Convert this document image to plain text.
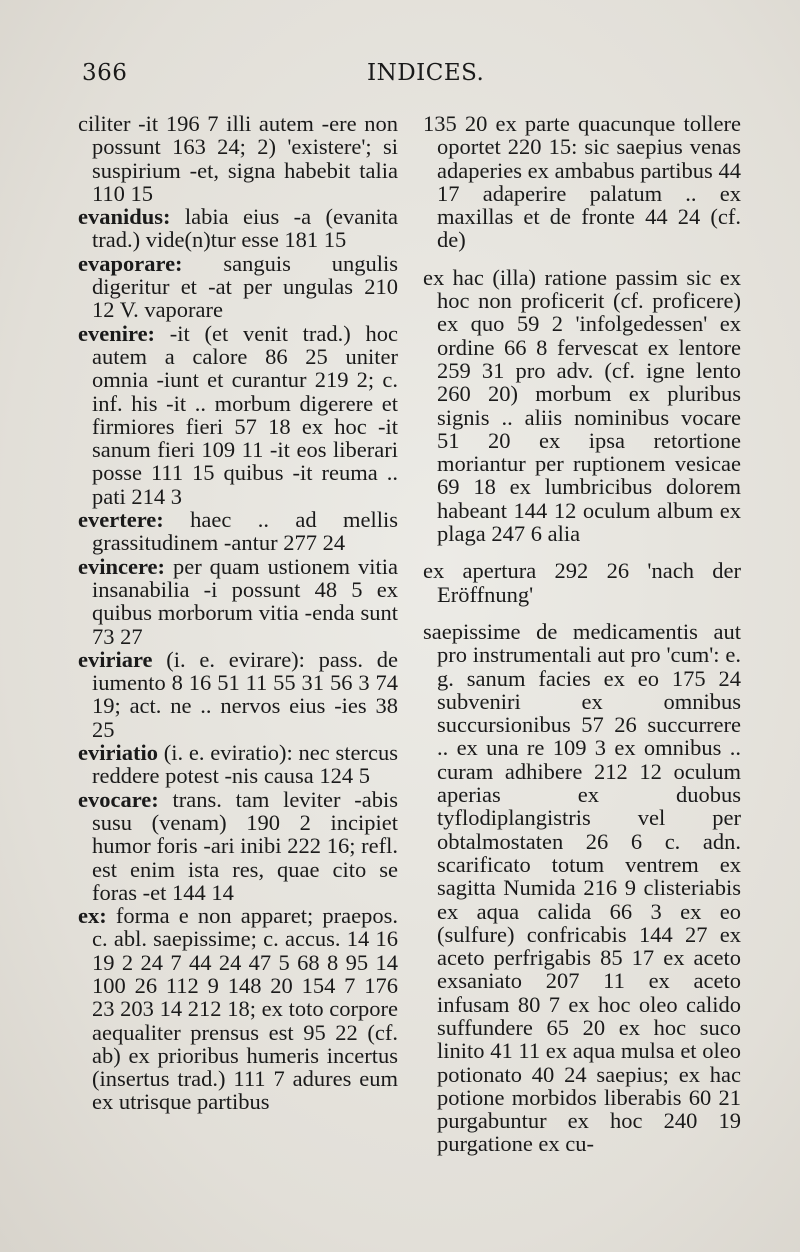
366	INDICES.

ciliter -it 196 7 illi autem -ere non possunt 163 24; 2) 'existere'; si suspirium -et, signa habebit talia 110 15

evanidus: labia eius -a (evanita trad.) vide(n)tur esse 181 15

evaporare: sanguis ungulis digeritur et -at per ungulas 210 12 V. vaporare

evenire: -it (et venit trad.) hoc autem a calore 86 25 uniter omnia -iunt et curantur 219 2; c. inf. his -it .. morbum digerere et firmiores fieri 57 18 ex hoc -it sanum fieri 109 11 -it eos liberari posse 111 15 quibus -it reuma .. pati 214 3

evertere: haec .. ad mellis grassitudinem -antur 277 24

evincere: per quam ustionem vitia insanabilia -i possunt 48 5 ex quibus morborum vitia -enda sunt 73 27

eviriare (i. e. evirare): pass. de iumento 8 16 51 11 55 31 56 3 74 19; act. ne .. nervos eius -ies 38 25

eviriatio (i. e. eviratio): nec stercus reddere potest -nis causa 124 5

evocare: trans. tam leviter -abis susu (venam) 190 2 incipiet humor foris -ari inibi 222 16; refl. est enim ista res, quae cito se foras -et 144 14

ex: forma e non apparet; praepos. c. abl. saepissime; c. accus. 14 16 19 2 24 7 44 24 47 5 68 8 95 14 100 26 112 9 148 20 154 7 176 23 203 14 212 18; ex toto corpore aequaliter prensus est 95 22 (cf. ab) ex prioribus humeris incertus (insertus trad.) 111 7 adures eum ex utrisque partibus

135 20 ex parte quacunque tollere oportet 220 15: sic saepius venas adaperies ex ambabus partibus 44 17 adaperire palatum .. ex maxillas et de fronte 44 24 (cf. de)

ex hac (illa) ratione passim sic ex hoc non proficerit (cf. proficere) ex quo 59 2 'infolgedessen' ex ordine 66 8 fervescat ex lentore 259 31 pro adv. (cf. igne lento 260 20) morbum ex pluribus signis .. aliis nominibus vocare 51 20 ex ipsa retortione moriantur per ruptionem vesicae 69 18 ex lumbricibus dolorem habeant 144 12 oculum album ex plaga 247 6 alia

ex apertura 292 26 'nach der Eröffnung'

saepissime de medicamentis aut pro instrumentali aut pro 'cum': e. g. sanum facies ex eo 175 24 subveniri ex omnibus succursionibus 57 26 succurrere .. ex una re 109 3 ex omnibus .. curam adhibere 212 12 oculum aperias ex duobus tyflodiplangistris vel per obtalmostaten 26 6 c. adn. scarificato totum ventrem ex sagitta Numida 216 9 clisteriabis ex aqua calida 66 3 ex eo (sulfure) confricabis 144 27 ex aceto perfrigabis 85 17 ex aceto exsaniato 207 11 ex aceto infusam 80 7 ex hoc oleo calido suffundere 65 20 ex hoc suco linito 41 11 ex aqua mulsa et oleo potionato 40 24 saepius; ex hac potione morbidos liberabis 60 21 purgabuntur ex hoc 240 19 purgatione ex cu-
